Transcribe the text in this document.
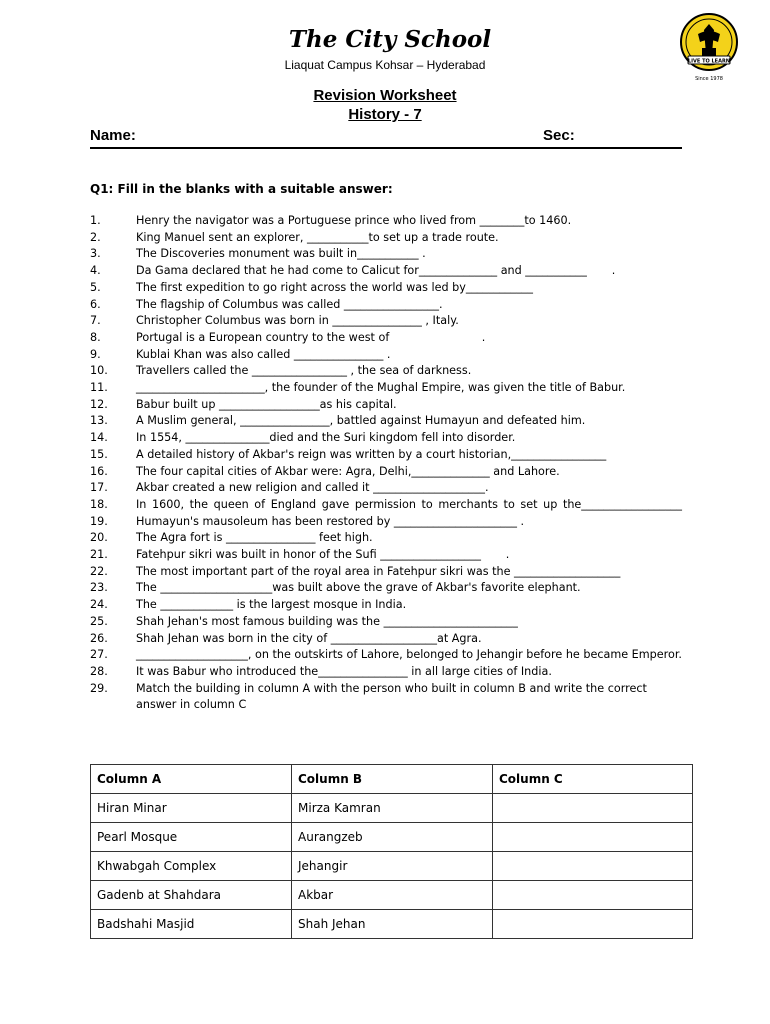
The City School
Liaquat Campus Kohsar – Hyderabad	LIVE TO LEARN
Since 1978
Revision Worksheet
History - 7
Name:	Sec:
Q1: Fill in the blanks with a suitable answer:
1.	Henry the navigator was a Portuguese prince who lived from ________to 1460.
2.	King Manuel sent an explorer, ___________to set up a trade route.
3.	The Discoveries monument was built in___________ .
4.	Da Gama declared that he had come to Calicut for______________ and ___________       .
5.	The first expedition to go right across the world was led by____________
6.	The flagship of Columbus was called _________________.
7.	Christopher Columbus was born in ________________ , Italy.
8.	Portugal is a European country to the west of                          .
9.	Kublai Khan was also called ________________ .
10.	Travellers called the _________________ , the sea of darkness.
11.	_______________________, the founder of the Mughal Empire, was given the title of Babur.
12.	Babur built up __________________as his capital.
13.	A Muslim general, ________________, battled against Humayun and defeated him.
14.	In 1554, _______________died and the Suri kingdom fell into disorder.
15.	A detailed history of Akbar's reign was written by a court historian,_________________
16.	The four capital cities of Akbar were: Agra, Delhi,______________ and Lahore.
17.	Akbar created a new religion and called it ____________________.
18.	In 1600, the queen of England gave permission to merchants to set up the__________________
19.	Humayun's mausoleum has been restored by ______________________ .
20.	The Agra fort is ________________ feet high.
21.	Fatehpur sikri was built in honor of the Sufi __________________       .
22.	The most important part of the royal area in Fatehpur sikri was the ___________________
23.	The ____________________was built above the grave of Akbar's favorite elephant.
24.	The _____________ is the largest mosque in India.
25.	Shah Jehan's most famous building was the ________________________
26.	Shah Jehan was born in the city of ___________________at Agra.
27.	____________________, on the outskirts of Lahore, belonged to Jehangir before he became Emperor.
28.	It was Babur who introduced the________________ in all large cities of India.
29.	Match the building in column A with the person who built in column B and write the correct answer in column C
Column A	Column B	Column C
Hiran Minar	Mirza Kamran	
Pearl Mosque	Aurangzeb	
Khwabgah Complex	Jehangir	
Gadenb at Shahdara	Akbar	
Badshahi Masjid	Shah Jehan	
